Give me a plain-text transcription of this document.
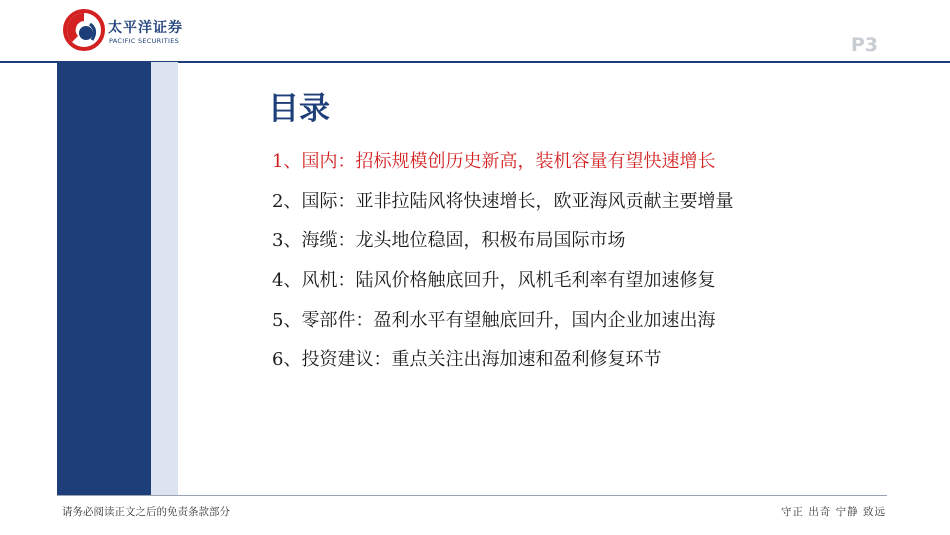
太平洋证券
PACIFIC SECURITIES	P3
目录
1、国内：招标规模创历史新高，装机容量有望快速增长
2、国际：亚非拉陆风将快速增长，欧亚海风贡献主要增量
3、海缆：龙头地位稳固，积极布局国际市场
4、风机：陆风价格触底回升，风机毛利率有望加速修复
5、零部件：盈利水平有望触底回升，国内企业加速出海
6、投资建议：重点关注出海加速和盈利修复环节
请务必阅读正文之后的免责条款部分	守正 出奇 宁静 致远
